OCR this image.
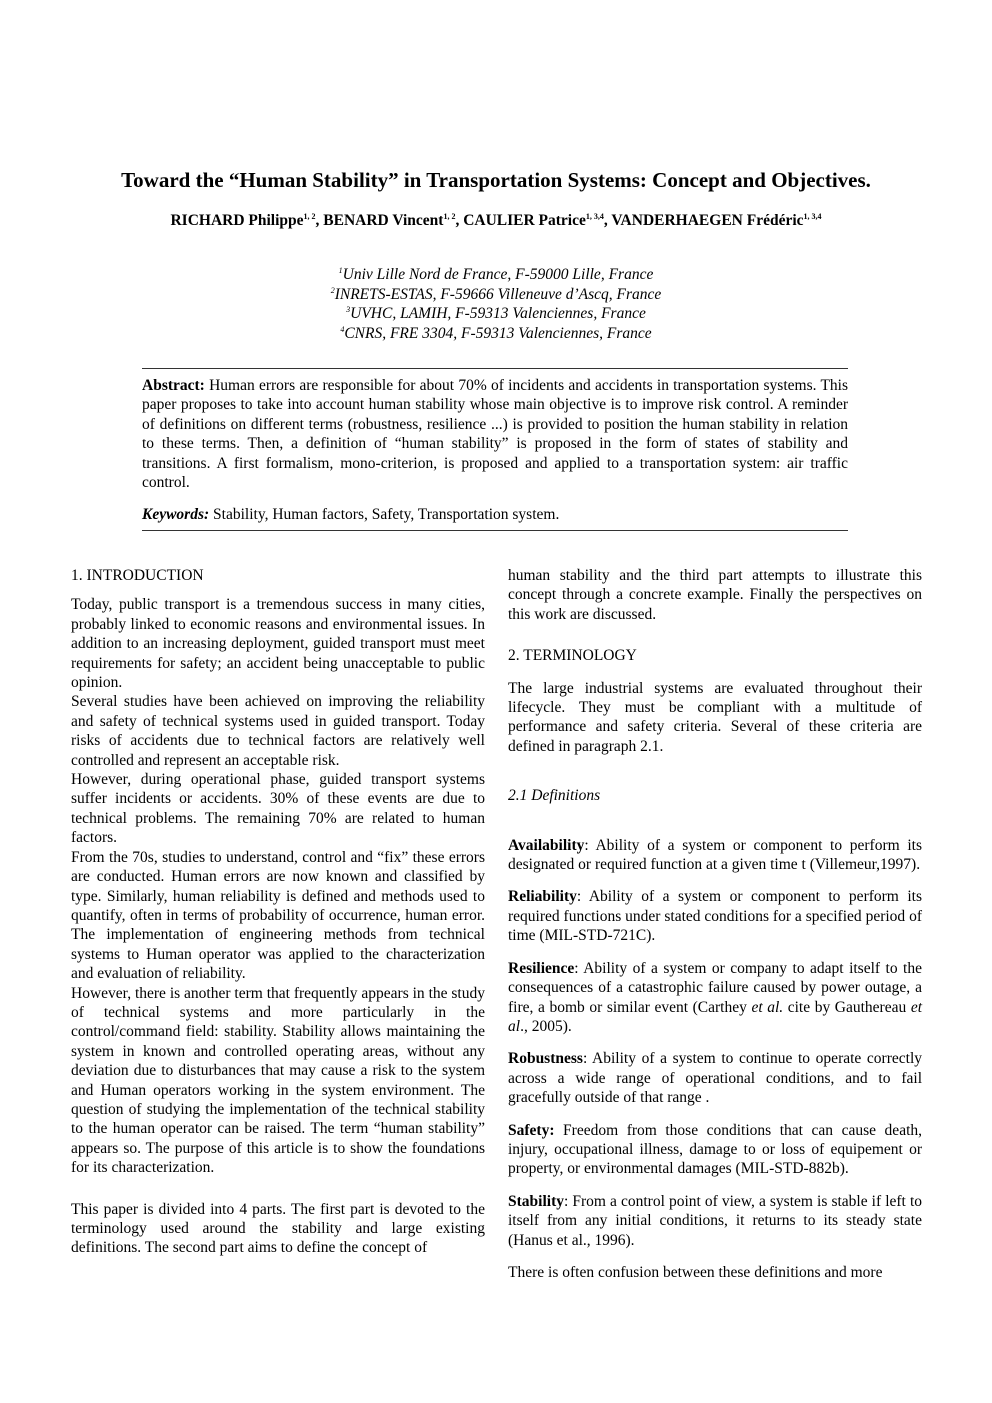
Toward the “Human Stability” in Transportation Systems: Concept and Objectives.
RICHARD Philippe$^{1, 2}$, BENARD Vincent$^{1, 2}$, CAULIER Patrice$^{1, 3,4}$, VANDERHAEGEN Frédéric$^{1, 3,4}$
$^1$Univ Lille Nord de France, F-59000 Lille, France
$^2$INRETS-ESTAS, F-59666 Villeneuve d’Ascq, France
$^3$UVHC, LAMIH, F-59313 Valenciennes, France
$^4$CNRS, FRE 3304, F-59313 Valenciennes, France
Abstract: Human errors are responsible for about 70% of incidents and accidents in transportation systems. This paper proposes to take into account human stability whose main objective is to improve risk control. A reminder of definitions on different terms (robustness, resilience ...) is provided to position the human stability in relation to these terms. Then, a definition of “human stability” is proposed in the form of states of stability and transitions. A first formalism, mono-criterion, is proposed and applied to a transportation system: air traffic control.
Keywords: Stability, Human factors, Safety, Transportation system.
1. INTRODUCTION

Today, public transport is a tremendous success in many cities, probably linked to economic reasons and environmental issues. In addition to an increasing deployment, guided transport must meet requirements for safety; an accident being unacceptable to public opinion.

Several studies have been achieved on improving the reliability and safety of technical systems used in guided transport. Today risks of accidents due to technical factors are relatively well controlled and represent an acceptable risk.

However, during operational phase, guided transport systems suffer incidents or accidents. 30% of these events are due to technical problems. The remaining 70% are related to human factors.

From the 70s, studies to understand, control and “fix” these errors are conducted. Human errors are now known and classified by type. Similarly, human reliability is defined and methods used to quantify, often in terms of probability of occurrence, human error. The implementation of engineering methods from technical systems to Human operator was applied to the characterization and evaluation of reliability.

However, there is another term that frequently appears in the study of technical systems and more particularly in the control/command field: stability. Stability allows maintaining the system in known and controlled operating areas, without any deviation due to disturbances that may cause a risk to the system and Human operators working in the system environment. The question of studying the implementation of the technical stability to the human operator can be raised. The term “human stability” appears so. The purpose of this article is to show the foundations for its characterization.

This paper is divided into 4 parts. The first part is devoted to the terminology used around the stability and large existing definitions. The second part aims to define the concept of

human stability and the third part attempts to illustrate this concept through a concrete example. Finally the perspectives on this work are discussed.

2. TERMINOLOGY

The large industrial systems are evaluated throughout their lifecycle. They must be compliant with a multitude of performance and safety criteria. Several of these criteria are defined in paragraph 2.1.

2.1 Definitions

Availability: Ability of a system or component to perform its designated or required function at a given time t (Villemeur,1997).

Reliability: Ability of a system or component to perform its required functions under stated conditions for a specified period of time (MIL-STD-721C).

Resilience: Ability of a system or company to adapt itself to the consequences of a catastrophic failure caused by power outage, a fire, a bomb or similar event (Carthey et al. cite by Gauthereau et al., 2005).

Robustness: Ability of a system to continue to operate correctly across a wide range of operational conditions, and to fail gracefully outside of that range .

Safety: Freedom from those conditions that can cause death, injury, occupational illness, damage to or loss of equipement or property, or environmental damages (MIL-STD-882b).

Stability: From a control point of view, a system is stable if left to itself from any initial conditions, it returns to its steady state (Hanus et al., 1996).

There is often confusion between these definitions and more
